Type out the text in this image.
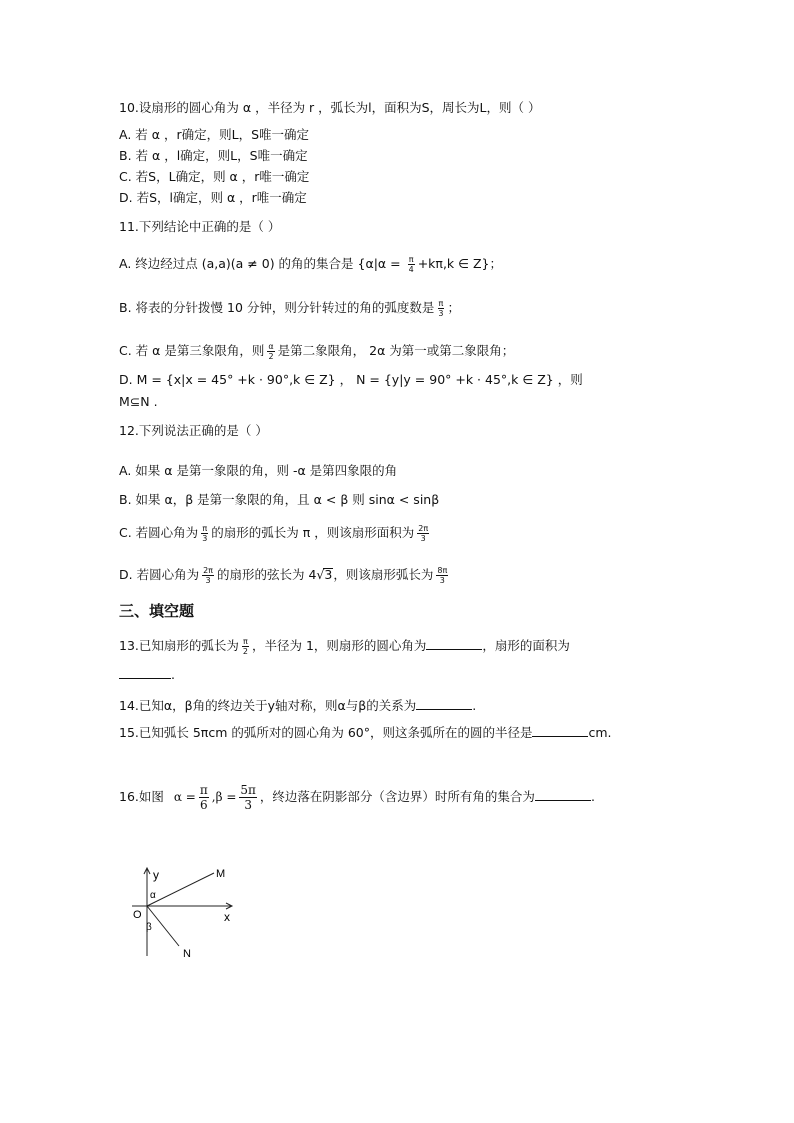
10.设扇形的圆心角为 α ，半径为 r ，弧长为l，面积为S，周长为L，则（ ）
A. 若 α ，r确定，则L，S唯一确定
B. 若 α ，l确定，则L，S唯一确定
C. 若S，L确定，则 α ，r唯一确定
D. 若S，l确定，则 α ，r唯一确定
11.下列结论中正确的是（ ）
A. 终边经过点 (a,a)(a ≠ 0) 的角的集合是 {$\alpha|\alpha = \frac{\pi}{4} +k\pi,k$ ∈ Z}；
B. 将表的分针拨慢 10 分钟，则分针转过的角的弧度数是 $\frac{\pi}{3}$ ；
C. 若 α 是第三象限角，则 $\frac{\alpha}{2}$ 是第二象限角， 2α 为第一或第二象限角；
D. M = {x|x = 45° +k · 90°,k ∈ Z} ， N = {y|y = 90° +k · 45°,k ∈ Z} ，则
M⊆N .
12.下列说法正确的是（ ）
A. 如果 α 是第一象限的角，则 -α 是第四象限的角
B. 如果 α，β 是第一象限的角，且 α < β 则 sinα < sinβ
C. 若圆心角为 $\frac{\pi}{3}$ 的扇形的弧长为 π ，则该扇形面积为 $\frac{2\pi}{3}$
D. 若圆心角为 $\frac{2\pi}{3}$ 的扇形的弦长为 4√3，则该扇形弧长为 $\frac{8\pi}{3}$
三、填空题
13.已知扇形的弧长为 $\frac{\pi}{2}$ ，半径为 1，则扇形的圆心角为	，扇形的面积为
.
14.已知α，β角的终边关于y轴对称，则α与β的关系为	.
15.已知弧长 5πcm 的弧所对的圆心角为 60°，则这条弧所在的圆的半径是	cm.
16.如图 $\alpha = \frac{\pi}{6} ,\beta = \frac{5\pi}{3}$ ，终边落在阴影部分（含边界）时所有角的集合为	.
y
x
O
M
N
α
β
